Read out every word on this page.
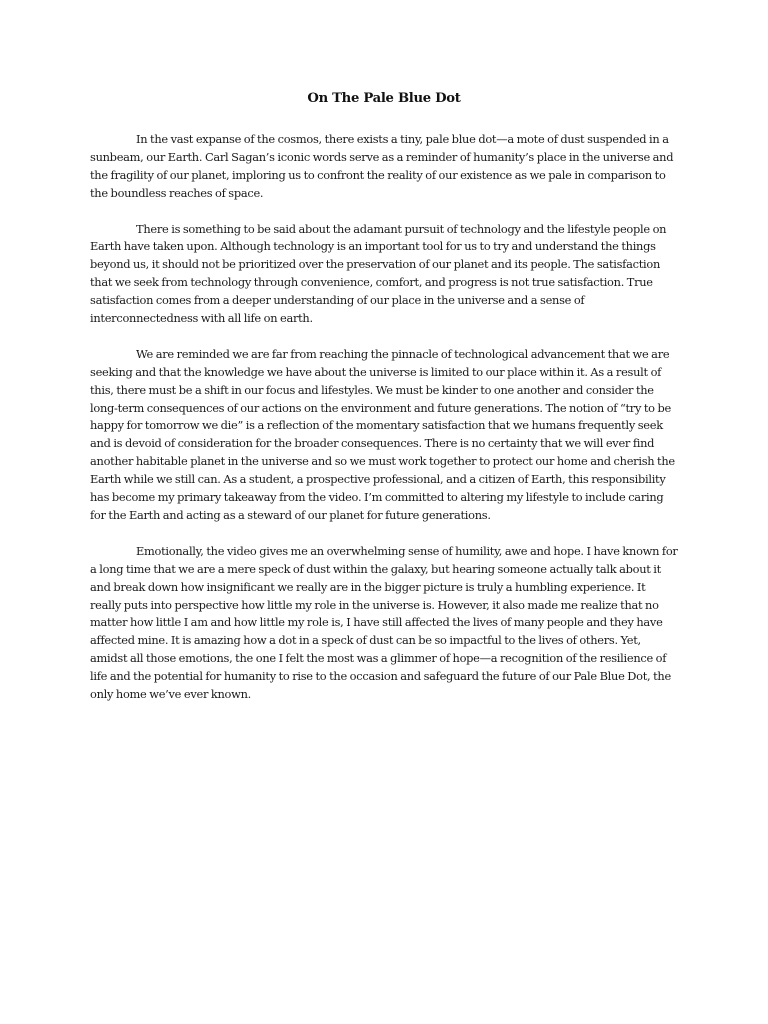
On The Pale Blue Dot

In the vast expanse of the cosmos, there exists a tiny, pale blue dot—a mote of dust suspended in a sunbeam, our Earth. Carl Sagan’s iconic words serve as a reminder of humanity’s place in the universe and the fragility of our planet, imploring us to confront the reality of our existence as we pale in comparison to the boundless reaches of space.

There is something to be said about the adamant pursuit of technology and the lifestyle people on Earth have taken upon. Although technology is an important tool for us to try and understand the things beyond us, it should not be prioritized over the preservation of our planet and its people. The satisfaction that we seek from technology through convenience, comfort, and progress is not true satisfaction. True satisfaction comes from a deeper understanding of our place in the universe and a sense of interconnectedness with all life on earth.

We are reminded we are far from reaching the pinnacle of technological advancement that we are seeking and that the knowledge we have about the universe is limited to our place within it. As a result of this, there must be a shift in our focus and lifestyles. We must be kinder to one another and consider the long-term consequences of our actions on the environment and future generations. The notion of “try to be happy for tomorrow we die” is a reflection of the momentary satisfaction that we humans frequently seek and is devoid of consideration for the broader consequences. There is no certainty that we will ever find another habitable planet in the universe and so we must work together to protect our home and cherish the Earth while we still can. As a student, a prospective professional, and a citizen of Earth, this responsibility has become my primary takeaway from the video. I’m committed to altering my lifestyle to include caring for the Earth and acting as a steward of our planet for future generations.

Emotionally, the video gives me an overwhelming sense of humility, awe and hope. I have known for a long time that we are a mere speck of dust within the galaxy, but hearing someone actually talk about it and break down how insignificant we really are in the bigger picture is truly a humbling experience. It really puts into perspective how little my role in the universe is. However, it also made me realize that no matter how little I am and how little my role is, I have still affected the lives of many people and they have affected mine. It is amazing how a dot in a speck of dust can be so impactful to the lives of others. Yet, amidst all those emotions, the one I felt the most was a glimmer of hope—a recognition of the resilience of life and the potential for humanity to rise to the occasion and safeguard the future of our Pale Blue Dot, the only home we’ve ever known.
